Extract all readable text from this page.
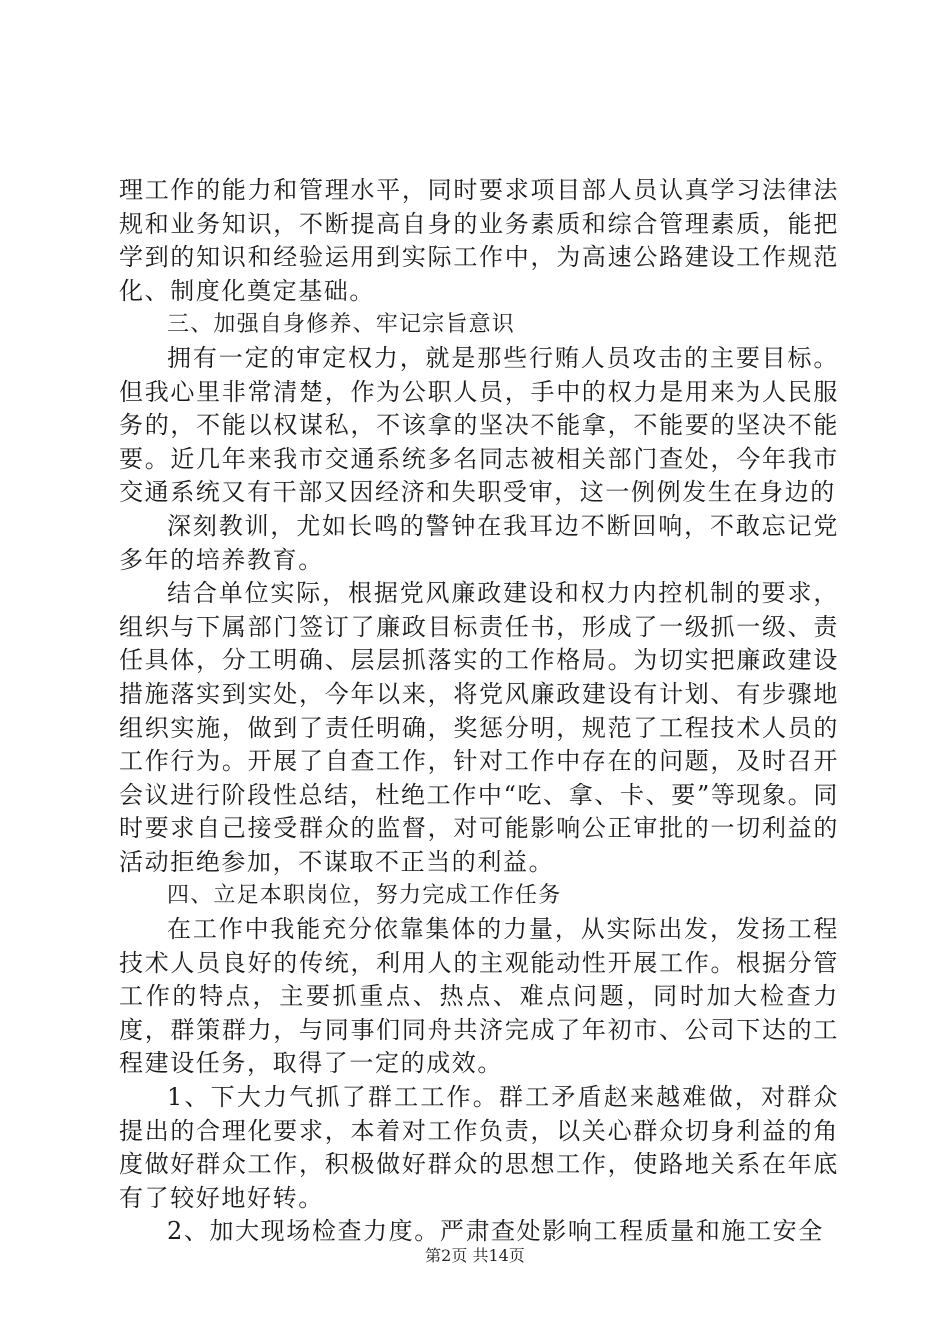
理工作的能力和管理水平，同时要求项目部人员认真学习法律法规和业务知识，不断提高自身的业务素质和综合管理素质，能把学到的知识和经验运用到实际工作中，为高速公路建设工作规范化、制度化奠定基础。

三、加强自身修养、牢记宗旨意识

拥有一定的审定权力，就是那些行贿人员攻击的主要目标。但我心里非常清楚，作为公职人员，手中的权力是用来为人民服务的，不能以权谋私，不该拿的坚决不能拿，不能要的坚决不能要。近几年来我市交通系统多名同志被相关部门查处，今年我市交通系统又有干部又因经济和失职受审，这一例例发生在身边的

深刻教训，尤如长鸣的警钟在我耳边不断回响，不敢忘记党多年的培养教育。

结合单位实际，根据党风廉政建设和权力内控机制的要求，组织与下属部门签订了廉政目标责任书，形成了一级抓一级、责任具体，分工明确、层层抓落实的工作格局。为切实把廉政建设措施落实到实处，今年以来，将党风廉政建设有计划、有步骤地组织实施，做到了责任明确，奖惩分明，规范了工程技术人员的工作行为。开展了自查工作，针对工作中存在的问题，及时召开会议进行阶段性总结，杜绝工作中“吃、拿、卡、要”等现象。同时要求自己接受群众的监督，对可能影响公正审批的一切利益的活动拒绝参加，不谋取不正当的利益。

四、立足本职岗位，努力完成工作任务

在工作中我能充分依靠集体的力量，从实际出发，发扬工程技术人员良好的传统，利用人的主观能动性开展工作。根据分管工作的特点，主要抓重点、热点、难点问题，同时加大检查力度，群策群力，与同事们同舟共济完成了年初市、公司下达的工程建设任务，取得了一定的成效。

1、下大力气抓了群工工作。群工矛盾赵来越难做，对群众提出的合理化要求，本着对工作负责，以关心群众切身利益的角度做好群众工作，积极做好群众的思想工作，使路地关系在年底有了较好地好转。

2、加大现场检查力度。严肃查处影响工程质量和施工安全

第2页 共14页
